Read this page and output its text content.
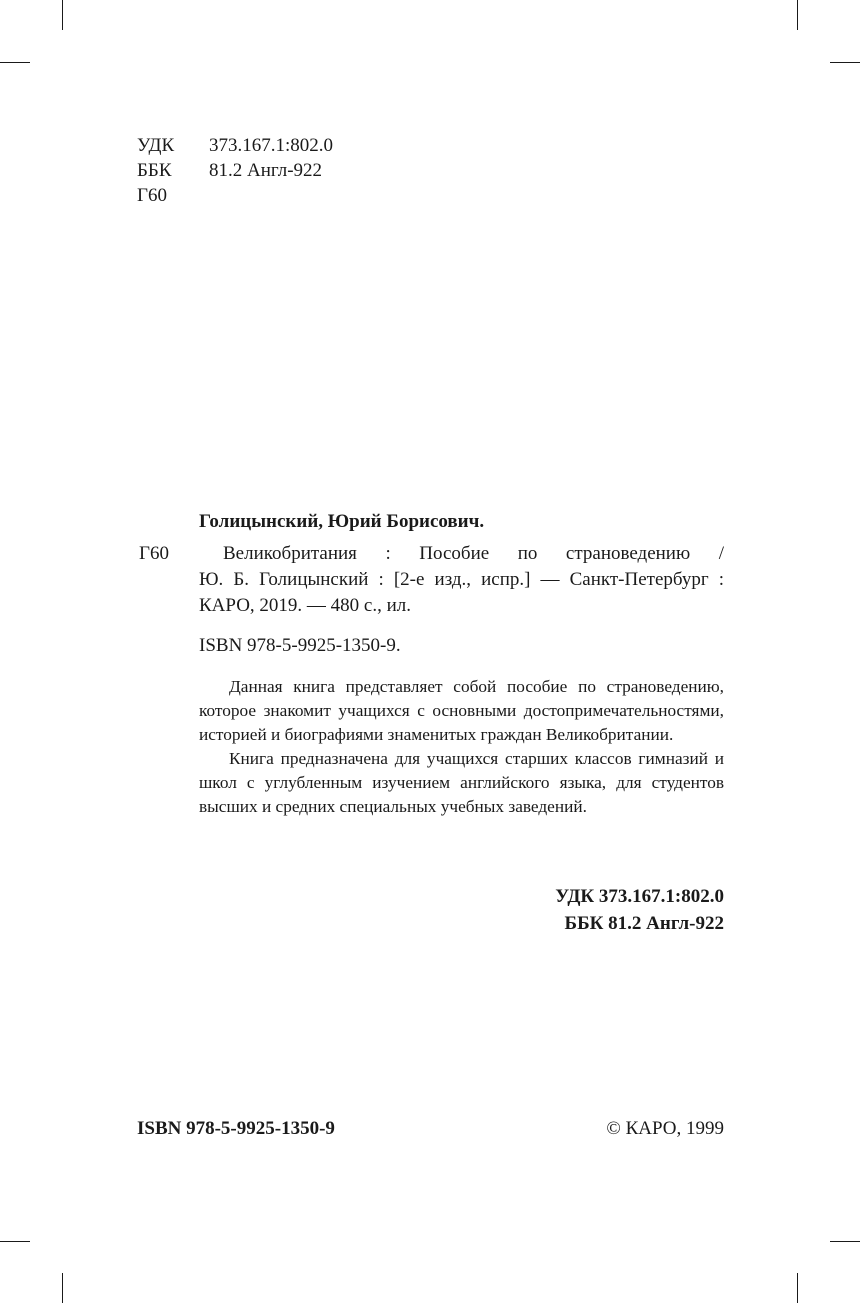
УДК	373.167.1:802.0
ББК	81.2 Англ-922
Г60
Голицынский, Юрий Борисович.
Г60	Великобритания : Пособие по страноведению /
Ю. Б. Голицынский : [2-е изд., испр.] — Санкт-Петербург :
КАРО, 2019. — 480 с., ил.
ISBN 978-5-9925-1350-9.

Данная книга представляет собой пособие по страноведению, которое знакомит учащихся с основными достопримечательностями, историей и биографиями знаменитых граждан Великобритании.

Книга предназначена для учащихся старших классов гимназий и школ с углубленным изучением английского языка, для студентов высших и средних специальных учебных заведений.

УДК 373.167.1:802.0
ББК 81.2 Англ-922
ISBN 978-5-9925-1350-9	© КАРО, 1999
